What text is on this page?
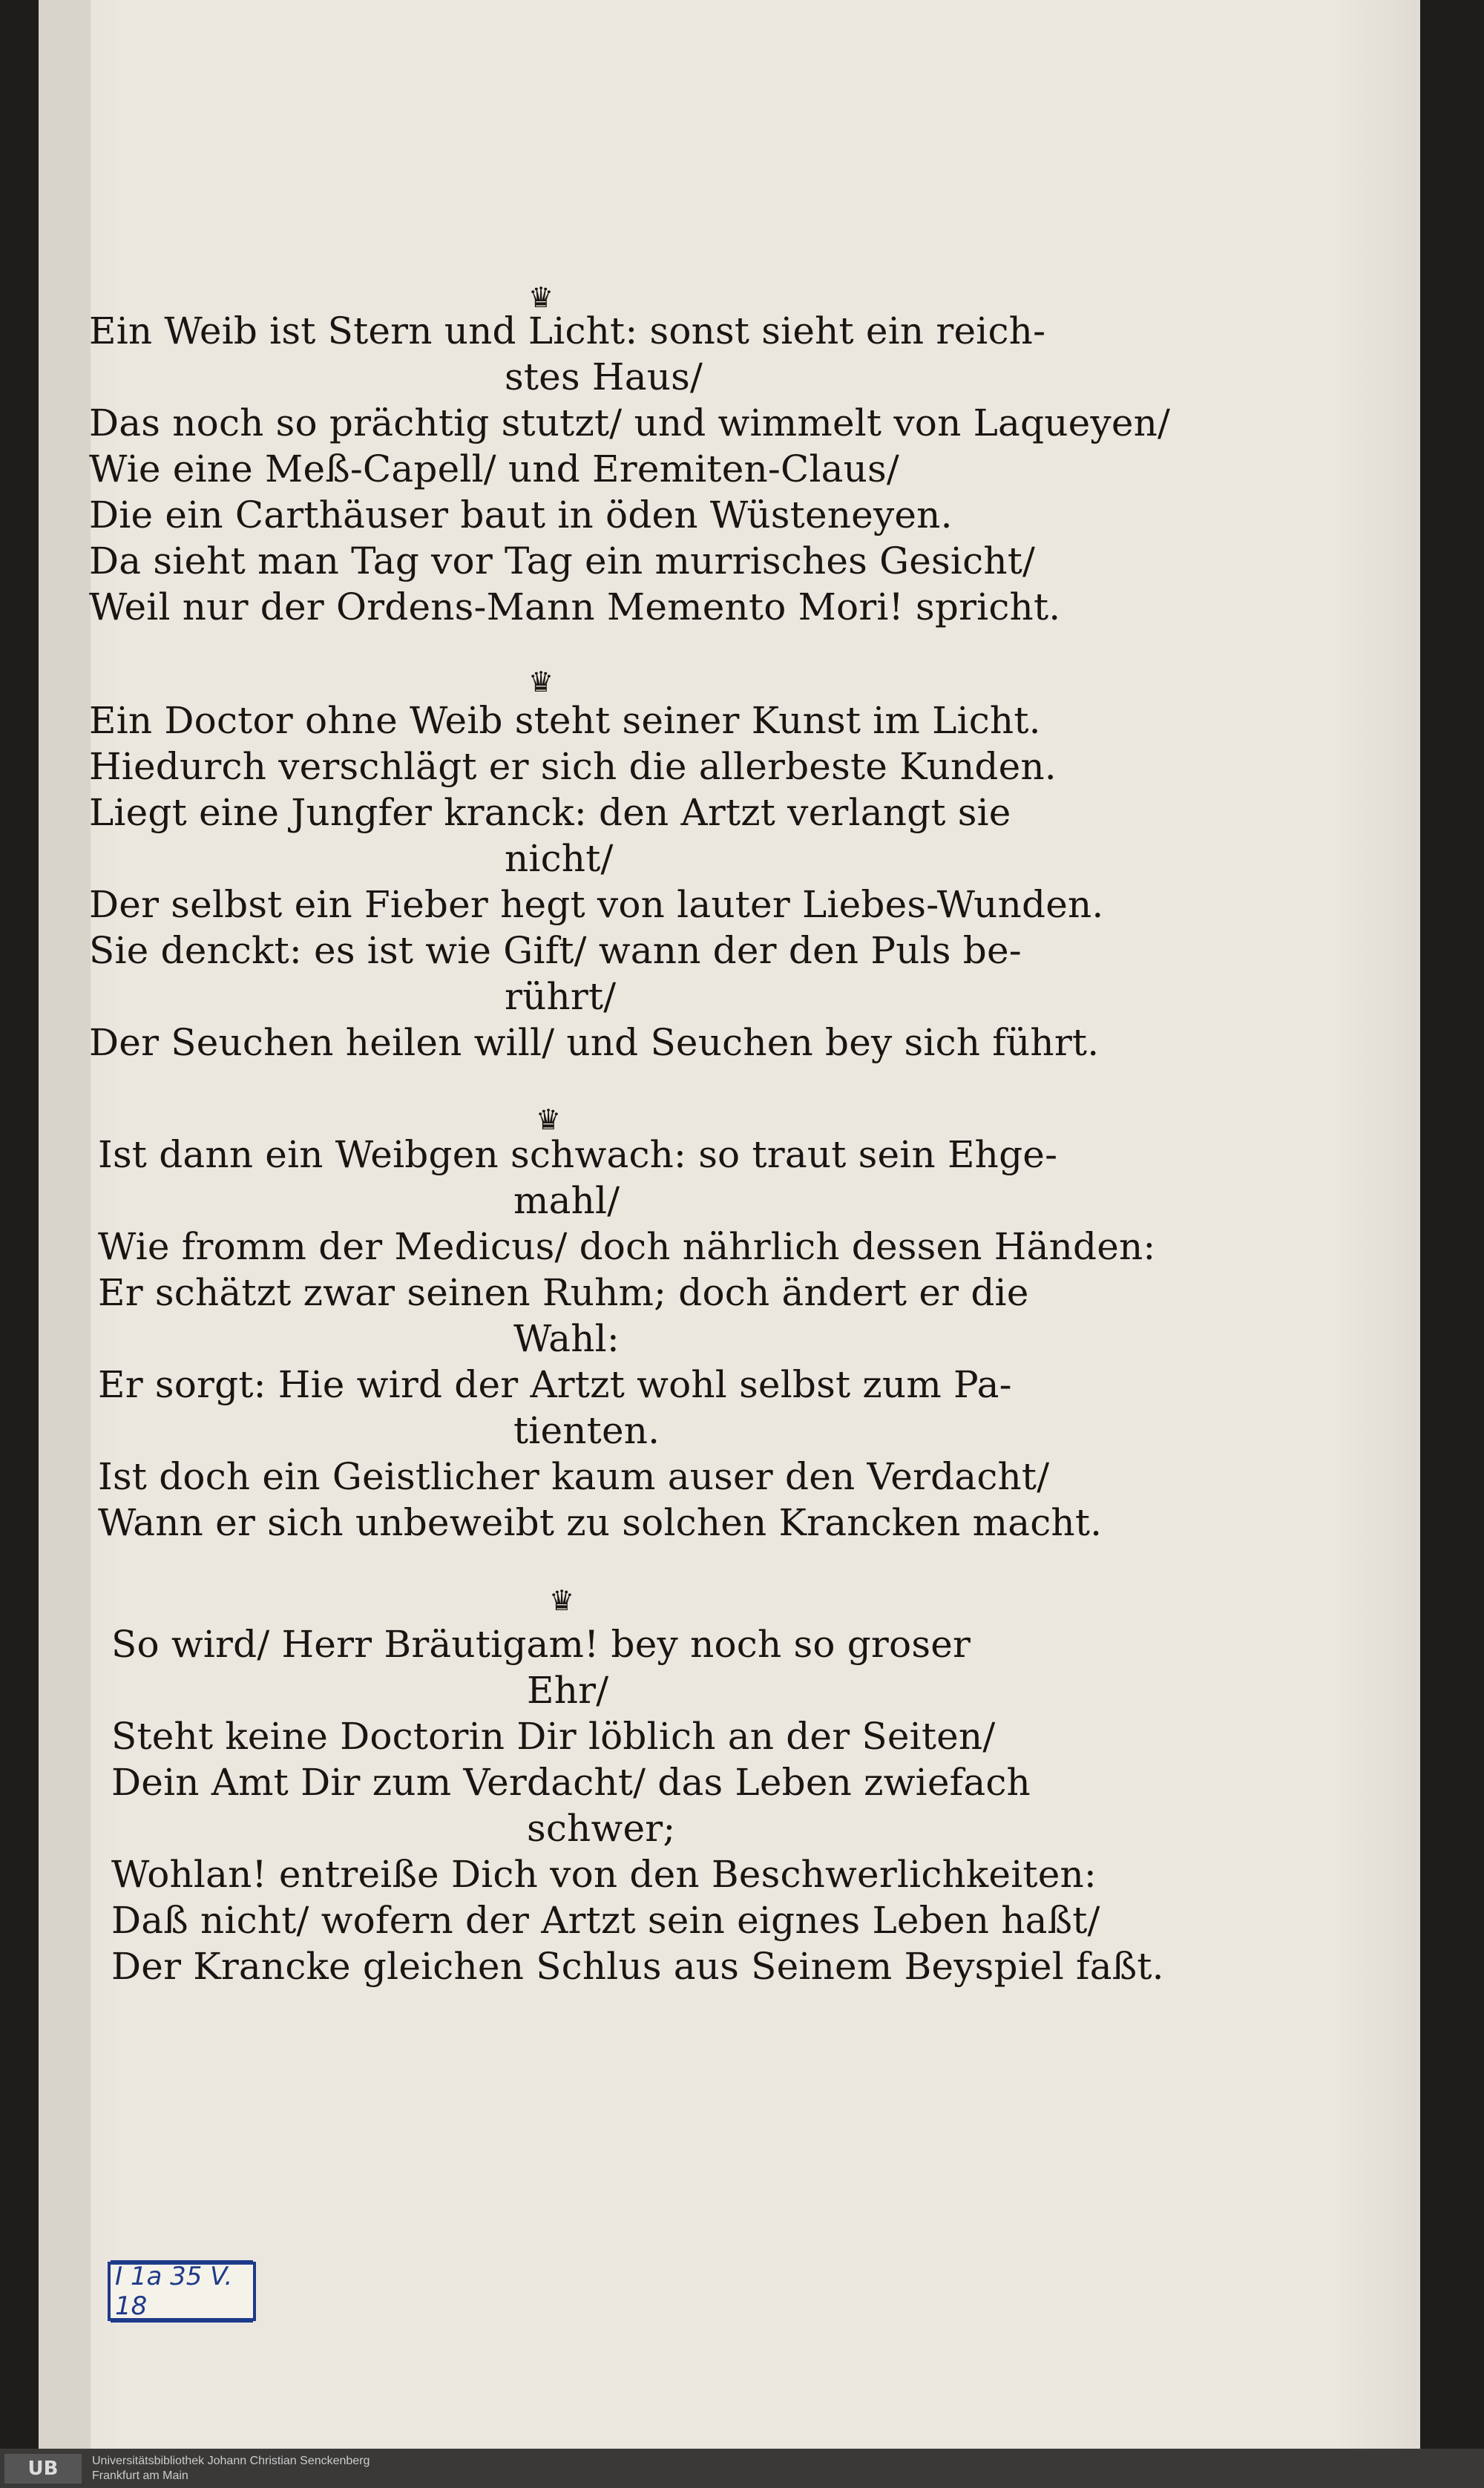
♛
Ein Weib ist Stern und Licht: sonst sieht ein reich-
stes Haus/
Das noch so prächtig stutzt/ und wimmelt von Laqueyen/
Wie eine Meß-Capell/ und Eremiten-Claus/
Die ein Carthäuser baut in öden Wüsteneyen.
Da sieht man Tag vor Tag ein murrisches Gesicht/
Weil nur der Ordens-Mann Memento Mori! spricht.
♛
Ein Doctor ohne Weib steht seiner Kunst im Licht.
Hiedurch verschlägt er sich die allerbeste Kunden.
Liegt eine Jungfer kranck: den Artzt verlangt sie
nicht/
Der selbst ein Fieber hegt von lauter Liebes-Wunden.
Sie denckt: es ist wie Gift/ wann der den Puls be-
rührt/
Der Seuchen heilen will/ und Seuchen bey sich führt.
♛
Ist dann ein Weibgen schwach: so traut sein Ehge-
mahl/
Wie fromm der Medicus/ doch nährlich dessen Händen:
Er schätzt zwar seinen Ruhm; doch ändert er die
Wahl:
Er sorgt: Hie wird der Artzt wohl selbst zum Pa-
tienten.
Ist doch ein Geistlicher kaum auser den Verdacht/
Wann er sich unbeweibt zu solchen Krancken macht.
♛
So wird/ Herr Bräutigam! bey noch so groser
Ehr/
Steht keine Doctorin Dir löblich an der Seiten/
Dein Amt Dir zum Verdacht/ das Leben zwiefach
schwer;
Wohlan! entreiße Dich von den Beschwerlichkeiten:
Daß nicht/ wofern der Artzt sein eignes Leben haßt/
Der Krancke gleichen Schlus aus Seinem Beyspiel faßt.
I 1a 35 V. 18
UB	Universitätsbibliothek Johann Christian Senckenberg
Frankfurt am Main
